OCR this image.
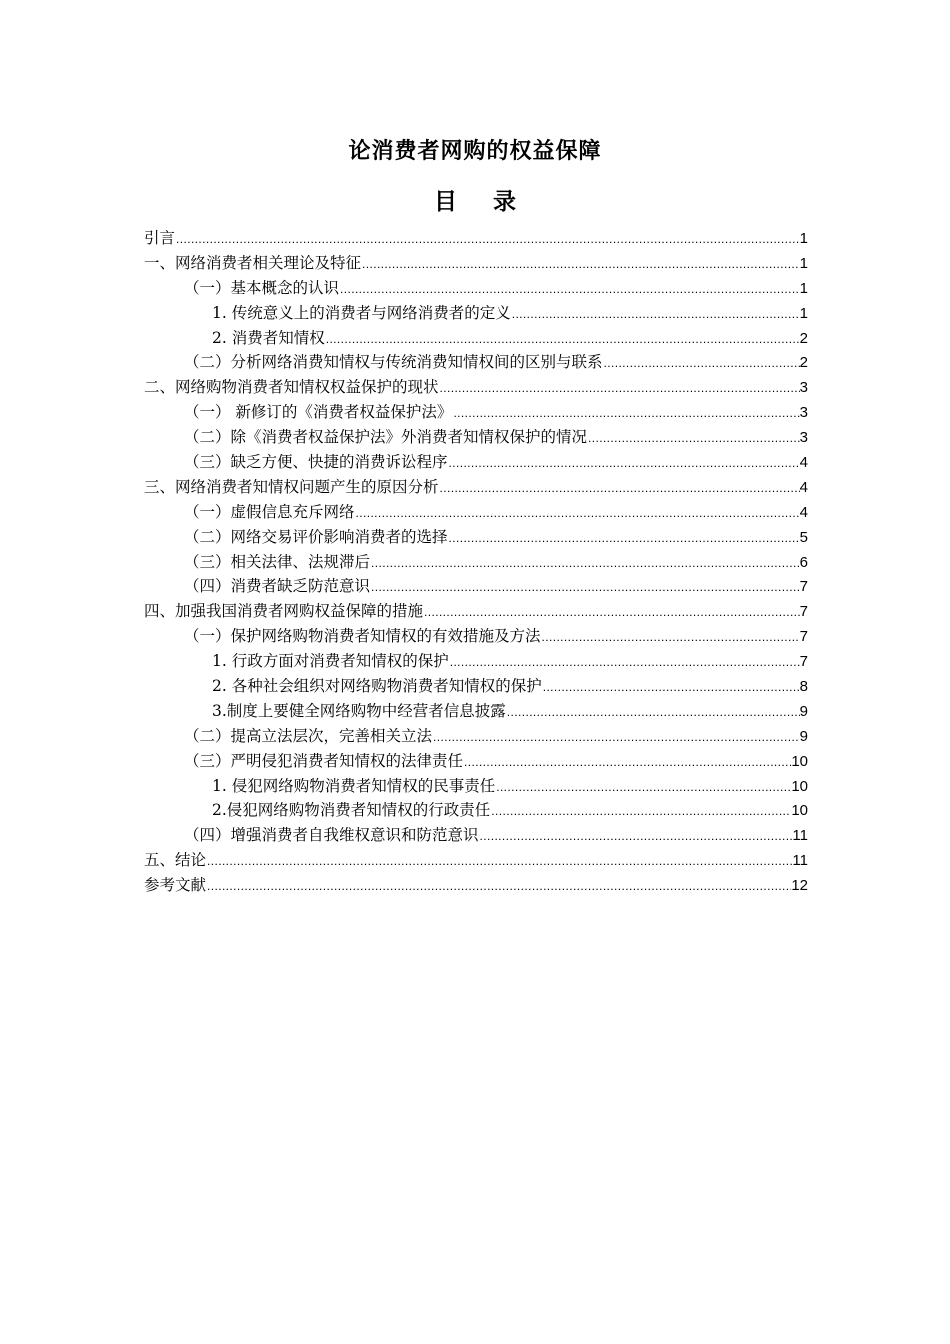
论消费者网购的权益保障
目 录
引言 .....	1
一、网络消费者相关理论及特征 .....	1
（一）基本概念的认识 .....	1
1. 传统意义上的消费者与网络消费者的定义 .....	1
2. 消费者知情权 .....	2
（二）分析网络消费知情权与传统消费知情权间的区别与联系 .....	2
二、网络购物消费者知情权权益保护的现状 .....	3
（一） 新修订的《消费者权益保护法》 .....	3
（二）除《消费者权益保护法》外消费者知情权保护的情况 .....	3
（三）缺乏方便、快捷的消费诉讼程序 .....	4
三、网络消费者知情权问题产生的原因分析 .....	4
（一）虚假信息充斥网络 .....	4
（二）网络交易评价影响消费者的选择 .....	5
（三）相关法律、法规滞后 .....	6
（四）消费者缺乏防范意识 .....	7
四、加强我国消费者网购权益保障的措施 .....	7
（一）保护网络购物消费者知情权的有效措施及方法 .....	7
1. 行政方面对消费者知情权的保护 .....	7
2. 各种社会组织对网络购物消费者知情权的保护 .....	8
3.制度上要健全网络购物中经营者信息披露 .....	9
（二）提高立法层次，完善相关立法 .....	9
（三）严明侵犯消费者知情权的法律责任 .....	10
1. 侵犯网络购物消费者知情权的民事责任 .....	10
2.侵犯网络购物消费者知情权的行政责任 .....	10
（四）增强消费者自我维权意识和防范意识 .....	11
五、结论 .....	11
参考文献 .....	12
